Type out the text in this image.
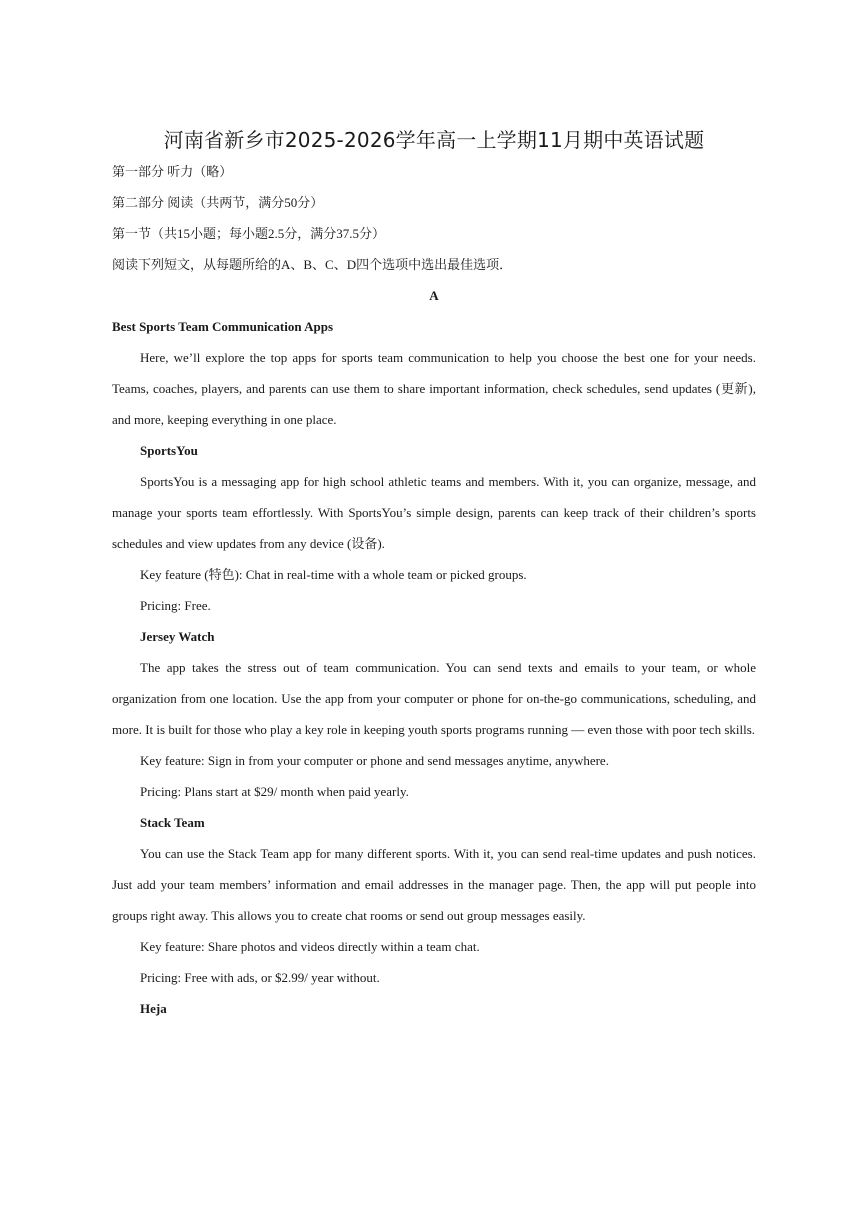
河南省新乡市2025-2026学年高一上学期11月期中英语试题

第一部分 听力（略）

第二部分 阅读（共两节，满分50分）

第一节（共15小题；每小题2.5分，满分37.5分）

阅读下列短文，从每题所给的A、B、C、D四个选项中选出最佳选项．

A

Best Sports Team Communication Apps

Here, we’ll explore the top apps for sports team communication to help you choose the best one for your needs. Teams, coaches, players, and parents can use them to share important information, check schedules, send updates (更新), and more, keeping everything in one place.

SportsYou

SportsYou is a messaging app for high school athletic teams and members. With it, you can organize, message, and manage your sports team effortlessly. With SportsYou’s simple design, parents can keep track of their children’s sports schedules and view updates from any device (设备).

Key feature (特色): Chat in real-time with a whole team or picked groups.

Pricing: Free.

Jersey Watch

The app takes the stress out of team communication. You can send texts and emails to your team, or whole organization from one location. Use the app from your computer or phone for on-the-go communications, scheduling, and more. It is built for those who play a key role in keeping youth sports programs running — even those with poor tech skills.

Key feature: Sign in from your computer or phone and send messages anytime, anywhere.

Pricing: Plans start at $29/ month when paid yearly.

Stack Team

You can use the Stack Team app for many different sports. With it, you can send real-time updates and push notices. Just add your team members’ information and email addresses in the manager page. Then, the app will put people into groups right away. This allows you to create chat rooms or send out group messages easily.

Key feature: Share photos and videos directly within a team chat.

Pricing: Free with ads, or $2.99/ year without.

Heja
